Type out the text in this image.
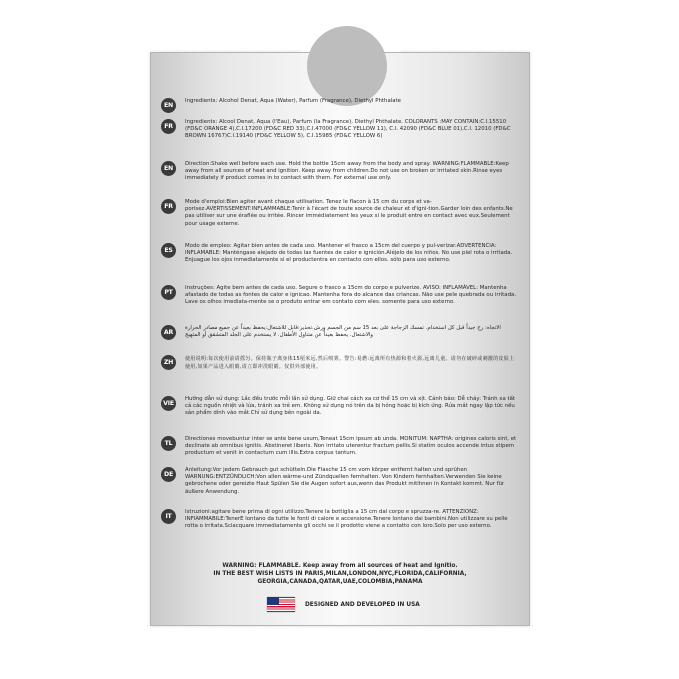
EN
Ingredients: Alcohol Denat, Aqua (Water), Parfum (Fragrance), Diethyl Phthalate
FR
Ingredients: Alcool Denat, Aqua (l'Eau), Parfum (la Fragrance), Diethyl Phthalate. COLORANTS :MAY CONTAIN:C.I.15510 (FD&C ORANGE 4),C.I.17200 (FD&C RED 33),C.I.47000 (FD&C YELLOW 11), C.I. 42090 (FD&C BLUE 01),C.I. 12010 (FD&C BROWN 16767)C.I.19140 (FD&C YELLOW 5), C.I.15985 (FD&C YELLOW 6)
EN
Direction:Shake well before each use. Hold the bottle 15cm away from the body and spray. WARNING:FLAMMABLE:Keep away from all sources of heat and ignition. Keep away from children.Do not use on broken or irritated skin.Rinse eyes immediately if product comes in to contact with them. For external use only.
FR
Mode d'emploi:Bien agiter avant chaque utilisation. Tenez le flacon à 15 cm du corps et va-porisez.AVERTISSEMENT:INFLAMMABLE:Tenir à l'écart de toute source de chaleur et d'igni-tion.Garder loin des enfants.Ne pas utiliser sur une éraflée ou irritée. Rincer immédiatement les yeux si le produit entre en contact avec eux.Seulement pour usage externe.
ES
Modo de empleo: Agitar bien antes de cada uso. Mantener el frasco a 15cm del cuerpo y pul-verizar.ADVERTENCIA: INFLAMABLE: Manténgase alejado de todas las fuentes de calor e ignición.Aléjelo de los niños. No use piel rota o irritada. Enjuague los ojos inmediatamente si el productentra en contacto con ellos. sólo para uso externo.
PT
Instruções: Agite bem antes de cada uso. Segure o frasco a 15cm do corpo e pulverize. AVISO: INFLAMÁVEL: Mantenha afastado de todas as fontes de calor e ignicao. Mantenha fora do alcance das criancas. Não use pele quebrada ou irritada. Lave os olhos imediata-mente se o produto entrar em contato com eles. somente para uso externo.
AR
الاتجاه: رج جيداً قبل كل استخدام. تمسك الزجاجة على بعد 15 سم من الجسم ورش.تحذير:قابل للاشتعال:يحفظ بعيداً عن جميع مصادر الحرارة والاشتعال. يحفظ بعيداً عن متناول الأطفال. لا يستخدم على الجلد المتشقق أو المتهيج
ZH	使用说明:每次使用前请摇匀。保持瓶子离身体15厘米远,然后喷雾。警告:易燃:远离所有热源和着火源,远离儿童。请勿在破碎或刺激的皮肤上使用,如果产品进入眼睛,请立即冲洗眼睛。仅供外部使用。
VIE
Hướng dẫn sử dụng: Lắc đều trước mỗi lần sử dụng. Giữ chai cách xa cơ thể 15 cm và xịt. Cảnh báo: Dễ cháy: Tránh xa tất cả các nguồn nhiệt và lửa, tránh xa trẻ em. Không sử dụng nó trên da bị hỏng hoặc bị kích ứng. Rửa mắt ngay lập tức nếu sản phẩm dính vào mắt.Chỉ sử dụng bên ngoài da.
TL
Directiones movebuntur inter se ante bene usum,Teneat 15cm ipsum ab unda. MONITUM: NAPTHA: origines caloris sint, et declinate ab omnibus ignitis. Abstineret liberis. Non irritato uterentur fractum pellis.Si statim oculos accende intus stipem productum et venit in contactum cum illis.Extra corpus tantum.
DE
Anleitung:Vor jedem Gebrauch gut schütteln.Die Flasche 15 cm vom körper entfernt halten und sprühen WARNUNG:ENTZÜNDLICH:Von allen wärme-und Zündquellen fernhalten. Von Kindern fernhalten.Verwenden Sie keine gebrochene oder gereizte Haut Spülen Sie die Augen sofort aus,wenn das Produkt mitihnen in Kontakt kommt. Nur für äußere Anwendung.
IT
Istruzioni:agitare bene prima di ogni utilizzo.Tenere la bottiglia a 15 cm dal corpo e spruzza-re. ATTENZIONZ: INFIAMMABILE:TenerE lontano da tutte le fonti di calore e accensione.Tenere lontano dai bambini.Non utilizzare su pelle rotta o irritata.Sciacquare immediatamente gli occhi se il prodotto viene a contatto con loro.Solo per uso esterno.
WARNING: FLAMMABLE. Keep away from all sources of heat and Ignitio.
IN THE BEST WISH LISTS IN PARIS,MILAN,LONDON,NYC,FLORIDA,CALIFORNIA,
GEORGIA,CANADA,QATAR,UAE,COLOMBIA,PANAMA
DESIGNED AND DEVELOPED IN USA
